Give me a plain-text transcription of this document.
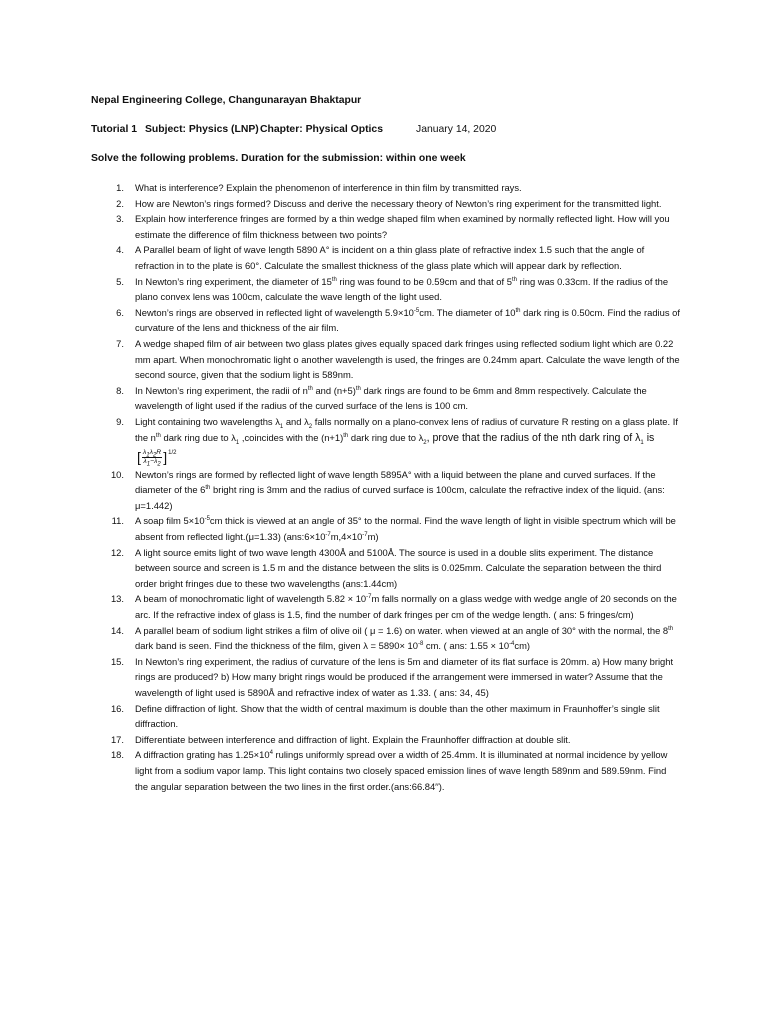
Nepal Engineering College, Changunarayan Bhaktapur

Tutorial 1 Subject: Physics (LNP) Chapter: Physical Optics	January 14, 2020

Solve the following problems. Duration for the submission: within one week

1. What is interference? Explain the phenomenon of interference in thin film by transmitted rays.
2. How are Newton’s rings formed? Discuss and derive the necessary theory of Newton’s ring experiment for the transmitted light.
3. Explain how interference fringes are formed by a thin wedge shaped film when examined by normally reflected light. How will you estimate the difference of film thickness between two points?
4. A Parallel beam of light of wave length 5890 A° is incident on a thin glass plate of refractive index 1.5 such that the angle of refraction in to the plate is 60°. Calculate the smallest thickness of the glass plate which will appear dark by reflection.
5. In Newton’s ring experiment, the diameter of 15th ring was found to be 0.59cm and that of 5th ring was 0.33cm. If the radius of the plano convex lens was 100cm, calculate the wave length of the light used.
6. Newton’s rings are observed in reflected light of wavelength $5.9\times 10^{-5}cm$. The diameter of 10th dark ring is 0.50cm. Find the radius of curvature of the lens and thickness of the air film.
7. A wedge shaped film of air between two glass plates gives equally spaced dark fringes using reflected sodium light which are 0.22 mm apart. When monochromatic light o another wavelength is used, the fringes are 0.24mm apart. Calculate the wave length of the second source, given that the sodium light is 589nm.
8. In Newton’s ring experiment, the radii of $n^{th}$ and $(n+5)^{th}$ dark rings are found to be 6mm and 8mm respectively. Calculate the wavelength of light used if the radius of the curved surface of the lens is 100 cm.
9. Light containing two wavelengths $\lambda_1$ and $\lambda_2$ falls normally on a plano-convex lens of radius of curvature R resting on a glass plate. If the $n^{th}$ dark ring due to $\lambda_1$ ,coincides with the $(n+1)^{th}$ dark ring due to $\lambda_2$, prove that the radius of the nth dark ring of $\lambda_1$ is [ $\frac{\lambda_1\lambda_2R}{\lambda_1-\lambda_2} ]^{1/2}$
10. Newton’s rings are formed by reflected light of wave length 5895A° with a liquid between the plane and curved surfaces. If the diameter of the 6th bright ring is 3mm and the radius of curved surface is 100cm, calculate the refractive index of the liquid. (ans: μ=1.442)
11. A soap film $5\times 10^{-5}cm$ thick is viewed at an angle of 35° to the normal. Find the wave length of light in visible spectrum which will be absent from reflected light.(μ=1.33) $(ans:6\times 10^{-7}m,4\times 10^{-7}m)$
12. A light source emits light of two wave length 4300Å and 5100Å. The source is used in a double slits experiment. The distance between source and screen is 1.5 m and the distance between the slits is 0.025mm. Calculate the separation between the third order bright fringes due to these two wavelengths (ans:1.44cm)
13. A beam of monochromatic light of wavelength $5.82 \times 10^{-7}m$ falls normally on a glass wedge with wedge angle of 20 seconds on the arc. If the refractive index of glass is 1.5, find the number of dark fringes per cm of the wedge length. ( ans: 5 fringes/cm)
14. A parallel beam of sodium light strikes a film of olive oil ( μ = 1.6) on water. when viewed at an angle of 30° with the normal, the 8th dark band is seen. Find the thickness of the film, given $\lambda = 5890\times 10^{-8}$ cm. ( ans: $1.55 \times 10^{-4}cm$)
15. In Newton’s ring experiment, the radius of curvature of the lens is 5m and diameter of its flat surface is 20mm. a) How many bright rings are produced? b) How many bright rings would be produced if the arrangement were immersed in water? Assume that the wavelength of light used is 5890Å and refractive index of water as 1.33. ( ans: 34, 45)
16. Define diffraction of light. Show that the width of central maximum is double than the other maximum in Fraunhoffer’s single slit diffraction.
17. Differentiate between interference and diffraction of light. Explain the Fraunhoffer diffraction at double slit.
18. A diffraction grating has $1.25\times 10^4$ rulings uniformly spread over a width of 25.4mm. It is illuminated at normal incidence by yellow light from a sodium vapor lamp. This light contains two closely spaced emission lines of wave length 589nm and 589.59nm. Find the angular separation between the two lines in the first order.(ans:66.84′′).
